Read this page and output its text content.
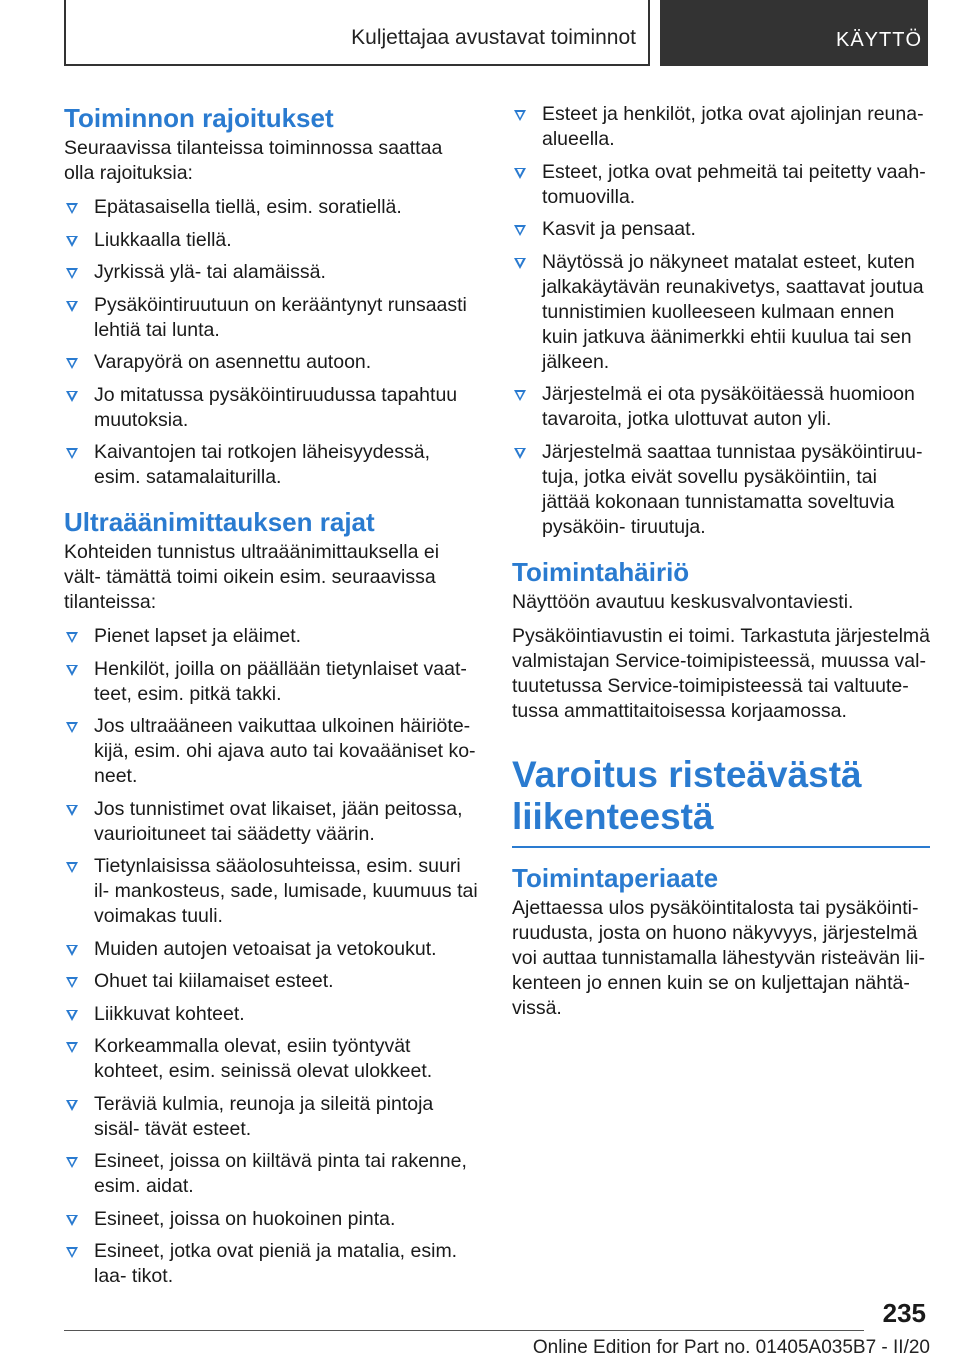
Kuljettajaa avustavat toiminnot	KÄYTTÖ
Toiminnon rajoitukset

Seuraavissa tilanteissa toiminnossa saattaa olla rajoituksia:

Epätasaisella tiellä, esim. soratiellä.
Liukkaalla tiellä.
Jyrkissä ylä- tai alamäissä.
Pysäköintiruutuun on kerääntynyt runsaasti lehtiä tai lunta.
Varapyörä on asennettu autoon.
Jo mitatussa pysäköintiruudussa tapahtuu muutoksia.
Kaivantojen tai rotkojen läheisyydessä, esim. satamalaiturilla.
Ultraäänimittauksen rajat

Kohteiden tunnistus ultraäänimittauksella ei vält- tämättä toimi oikein esim. seuraavissa tilanteissa:

Pienet lapset ja eläimet.
Henkilöt, joilla on päällään tietynlaiset vaat- teet, esim. pitkä takki.
Jos ultraääneen vaikuttaa ulkoinen häiriöte- kijä, esim. ohi ajava auto tai kovaääniset ko- neet.
Jos tunnistimet ovat likaiset, jään peitossa, vaurioituneet tai säädetty väärin.
Tietynlaisissa sääolosuhteissa, esim. suuri il- mankosteus, sade, lumisade, kuumuus tai voimakas tuuli.
Muiden autojen vetoaisat ja vetokoukut.
Ohuet tai kiilamaiset esteet.
Liikkuvat kohteet.
Korkeammalla olevat, esiin työntyvät kohteet, esim. seinissä olevat ulokkeet.
Teräviä kulmia, reunoja ja sileitä pintoja sisäl- tävät esteet.
Esineet, joissa on kiiltävä pinta tai rakenne, esim. aidat.
Esineet, joissa on huokoinen pinta.
Esineet, jotka ovat pieniä ja matalia, esim. laa- tikot.
Esteet ja henkilöt, jotka ovat ajolinjan reuna- alueella.
Esteet, jotka ovat pehmeitä tai peitetty vaah- tomuovilla.
Kasvit ja pensaat.
Näytössä jo näkyneet matalat esteet, kuten jalkakäytävän reunakivetys, saattavat joutua tunnistimien kuolleeseen kulmaan ennen kuin jatkuva äänimerkki ehtii kuulua tai sen jälkeen.
Järjestelmä ei ota pysäköitäessä huomioon tavaroita, jotka ulottuvat auton yli.
Järjestelmä saattaa tunnistaa pysäköintiruu- tuja, jotka eivät sovellu pysäköintiin, tai jättää kokonaan tunnistamatta soveltuvia pysäköin- tiruutuja.
Toimintahäiriö

Näyttöön avautuu keskusvalvontaviesti.

Pysäköintiavustin ei toimi. Tarkastuta järjestelmä valmistajan Service-toimipisteessä, muussa val- tuutetussa Service-toimipisteessä tai valtuute- tussa ammattitaitoisessa korjaamossa.

Varoitus risteävästä liikenteestä
Toimintaperiaate

Ajettaessa ulos pysäköintitalosta tai pysäköinti- ruudusta, josta on huono näkyvyys, järjestelmä voi auttaa tunnistamalla lähestyvän risteävän lii- kenteen jo ennen kuin se on kuljettajan nähtä- vissä.

235
Online Edition for Part no. 01405A035B7 - II/20
